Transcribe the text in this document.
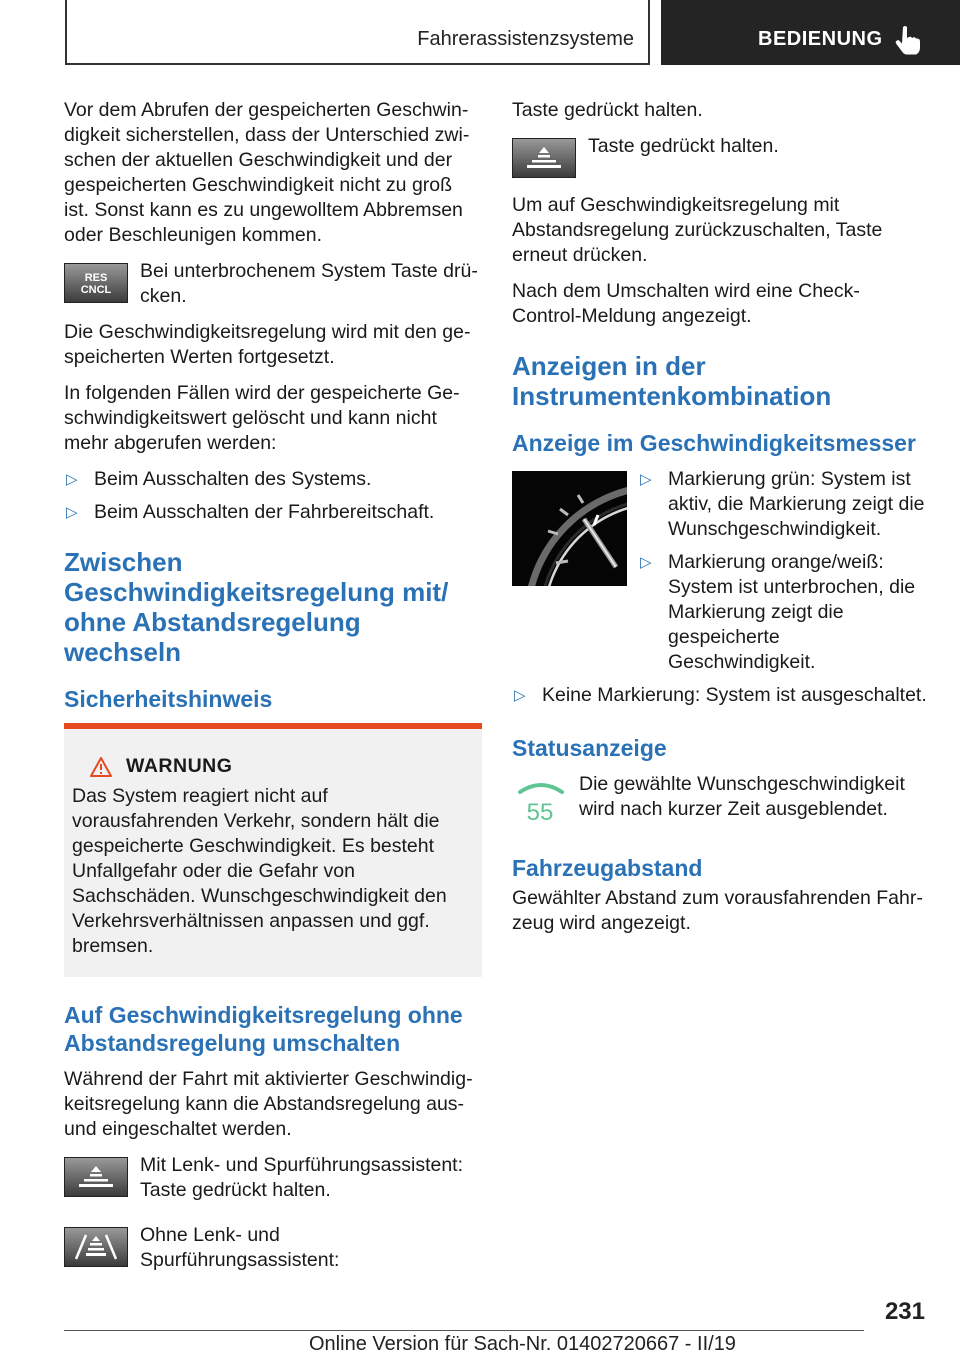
Fahrerassistenzsysteme	BEDIENUNG

Vor dem Abrufen der gespeicherten Geschwindigkeit sicherstellen, dass der Unterschied zwischen der aktuellen Geschwindigkeit und der gespeicherten Geschwindigkeit nicht zu groß ist. Sonst kann es zu ungewolltem Abbremsen oder Beschleunigen kommen.

RES
CNCL

Bei unterbrochenem System Taste drücken.

Die Geschwindigkeitsregelung wird mit den gespeicherten Werten fortgesetzt.

In folgenden Fällen wird der gespeicherte Geschwindigkeitswert gelöscht und kann nicht mehr abgerufen werden:

▷ Beim Ausschalten des Systems.
▷ Beim Ausschalten der Fahrbereitschaft.
Zwischen Geschwindigkeitsregelung mit/ ohne Abstandsregelung wechseln
Sicherheitshinweis
WARNUNG

Das System reagiert nicht auf vorausfahrenden Verkehr, sondern hält die gespeicherte Geschwindigkeit. Es besteht Unfallgefahr oder die Gefahr von Sachschäden. Wunschgeschwindigkeit den Verkehrsverhältnissen anpassen und ggf. bremsen.

Auf Geschwindigkeitsregelung ohne Abstandsregelung umschalten

Während der Fahrt mit aktivierter Geschwindigkeitsregelung kann die Abstandsregelung aus- und eingeschaltet werden.

Mit Lenk- und Spurführungsassistent: Taste gedrückt halten.

Ohne Lenk- und Spurführungsassistent:

Taste gedrückt halten.

Taste gedrückt halten.

Um auf Geschwindigkeitsregelung mit Abstandsregelung zurückzuschalten, Taste erneut drücken.

Nach dem Umschalten wird eine Check-Control-Meldung angezeigt.

Anzeigen in der Instrumentenkombination
Anzeige im Geschwindigkeitsmesser
▷ Markierung grün: System ist aktiv, die Markierung zeigt die Wunschgeschwindigkeit.
▷ Markierung orange/weiß: System ist unterbrochen, die Markierung zeigt die gespeicherte Geschwindigkeit.
▷ Keine Markierung: System ist ausgeschaltet.
Statusanzeige
55

Die gewählte Wunschgeschwindigkeit wird nach kurzer Zeit ausgeblendet.

Fahrzeugabstand

Gewählter Abstand zum vorausfahrenden Fahrzeug wird angezeigt.

231
Online Version für Sach-Nr. 01402720667 - II/19
